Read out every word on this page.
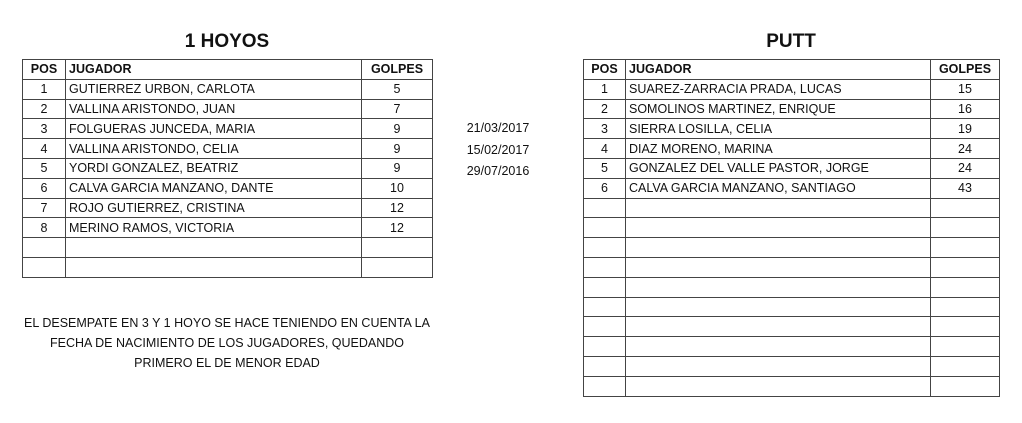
1 HOYOS	PUTT
POS	JUGADOR	GOLPES
1	GUTIERREZ URBON, CARLOTA	5
2	VALLINA ARISTONDO, JUAN	7
3	FOLGUERAS JUNCEDA, MARIA	9
4	VALLINA ARISTONDO, CELIA	9
5	YORDI GONZALEZ, BEATRIZ	9
6	CALVA GARCIA MANZANO, DANTE	10
7	ROJO GUTIERREZ, CRISTINA	12
8	MERINO RAMOS, VICTORIA	12

21/03/2017
15/02/2017
29/07/2016
EL DESEMPATE EN 3 Y 1 HOYO SE HACE TENIENDO EN CUENTA LA FECHA DE NACIMIENTO DE LOS JUGADORES, QUEDANDO PRIMERO EL DE MENOR EDAD
POS	JUGADOR	GOLPES
1	SUAREZ-ZARRACIA PRADA, LUCAS	15
2	SOMOLINOS MARTINEZ, ENRIQUE	16
3	SIERRA LOSILLA, CELIA	19
4	DIAZ MORENO, MARINA	24
5	GONZALEZ DEL VALLE PASTOR, JORGE	24
6	CALVA GARCIA MANZANO, SANTIAGO	43
